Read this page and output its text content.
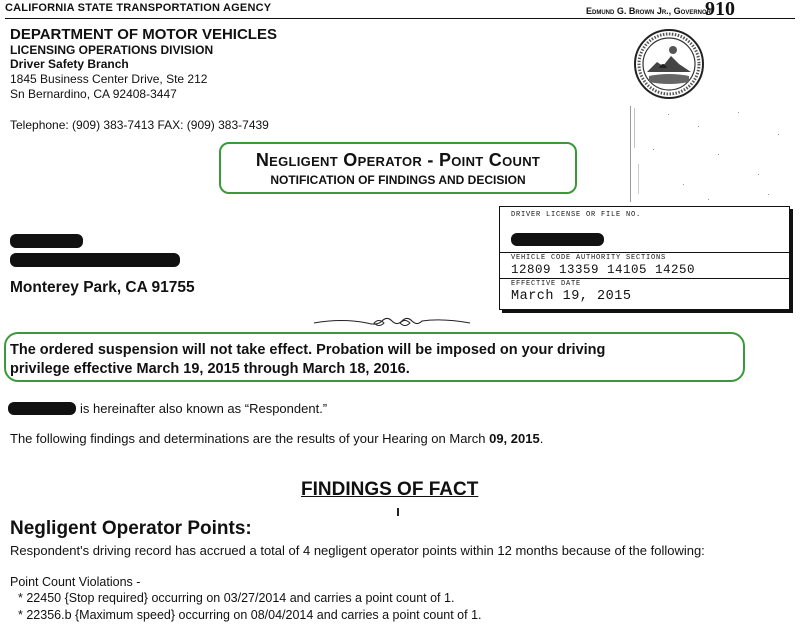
CALIFORNIA STATE TRANSPORTATION AGENCY	Edmund G. Brown Jr., Governor
910
DEPARTMENT OF MOTOR VEHICLES
LICENSING OPERATIONS DIVISION
Driver Safety Branch
1845 Business Center Drive, Ste 212
Sn Bernardino, CA 92408-3447
Telephone: (909) 383-7413 FAX: (909) 383-7439
Negligent Operator - Point Count
NOTIFICATION OF FINDINGS AND DECISION
Monterey Park, CA 91755
DRIVER LICENSE OR FILE NO.
VEHICLE CODE AUTHORITY SECTIONS
12809 13359 14105 14250
EFFECTIVE DATE
March 19, 2015
The ordered suspension will not take effect. Probation will be imposed on your driving
privilege effective March 19, 2015 through March 18, 2016.
is hereinafter also known as “Respondent.”
The following findings and determinations are the results of your Hearing on March 09, 2015.
FINDINGS OF FACT
Negligent Operator Points:
Respondent's driving record has accrued a total of 4 negligent operator points within 12 months because of the following:
Point Count Violations -
* 22450 {Stop required} occurring on 03/27/2014 and carries a point count of 1.
* 22356.b {Maximum speed} occurring on 08/04/2014 and carries a point count of 1.
